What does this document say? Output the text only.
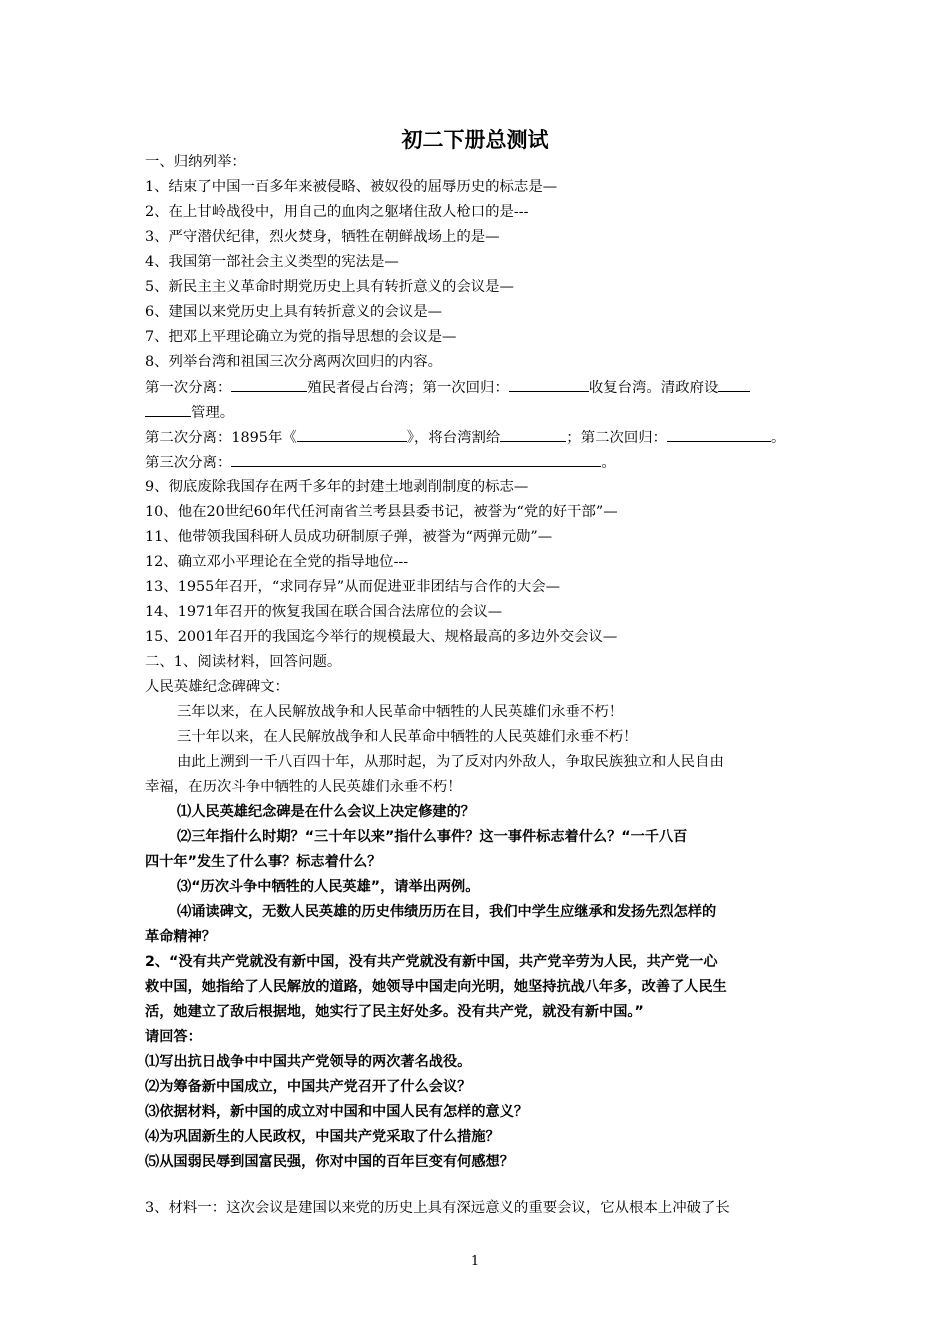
初二下册总测试
一、归纳列举：
1、结束了中国一百多年来被侵略、被奴役的屈辱历史的标志是—
2、在上甘岭战役中，用自己的血肉之躯堵住敌人枪口的是---
3、严守潜伏纪律，烈火焚身，牺牲在朝鲜战场上的是—
4、我国第一部社会主义类型的宪法是—
5、新民主主义革命时期党历史上具有转折意义的会议是—
6、建国以来党历史上具有转折意义的会议是—
7、把邓上平理论确立为党的指导思想的会议是—
8、列举台湾和祖国三次分离两次回归的内容。
第一次分离：	殖民者侵占台湾；第一次回归：	收复台湾。清政府设
管理。
第二次分离：1895年《	》，将台湾割给	；第二次回归：	。
第三次分离：	。
9、彻底废除我国存在两千多年的封建土地剥削制度的标志—
10、他在20世纪60年代任河南省兰考县县委书记，被誉为“党的好干部”—
11、他带领我国科研人员成功研制原子弹，被誉为“两弹元勋”—
12、确立邓小平理论在全党的指导地位---
13、1955年召开，“求同存异”从而促进亚非团结与合作的大会—
14、1971年召开的恢复我国在联合国合法席位的会议—
15、2001年召开的我国迄今举行的规模最大、规格最高的多边外交会议—
二、1、阅读材料，回答问题。
人民英雄纪念碑碑文：
三年以来，在人民解放战争和人民革命中牺牲的人民英雄们永垂不朽！
三十年以来，在人民解放战争和人民革命中牺牲的人民英雄们永垂不朽！
由此上溯到一千八百四十年，从那时起，为了反对内外敌人，争取民族独立和人民自由
幸福，在历次斗争中牺牲的人民英雄们永垂不朽！
⑴人民英雄纪念碑是在什么会议上决定修建的？
⑵三年指什么时期？“三十年以来”指什么事件？这一事件标志着什么？“一千八百
四十年”发生了什么事？标志着什么？
⑶“历次斗争中牺牲的人民英雄”，请举出两例。
⑷诵读碑文，无数人民英雄的历史伟绩历历在目，我们中学生应继承和发扬先烈怎样的
革命精神？
2、“没有共产党就没有新中国，没有共产党就没有新中国，共产党辛劳为人民，共产党一心
救中国，她指给了人民解放的道路，她领导中国走向光明，她坚持抗战八年多，改善了人民生
活，她建立了敌后根据地，她实行了民主好处多。没有共产党，就没有新中国。”
请回答：
⑴写出抗日战争中中国共产党领导的两次著名战役。
⑵为筹备新中国成立，中国共产党召开了什么会议？
⑶依据材料，新中国的成立对中国和中国人民有怎样的意义？
⑷为巩固新生的人民政权，中国共产党采取了什么措施？
⑸从国弱民辱到国富民强，你对中国的百年巨变有何感想？
3、材料一：这次会议是建国以来党的历史上具有深远意义的重要会议，它从根本上冲破了长
1
